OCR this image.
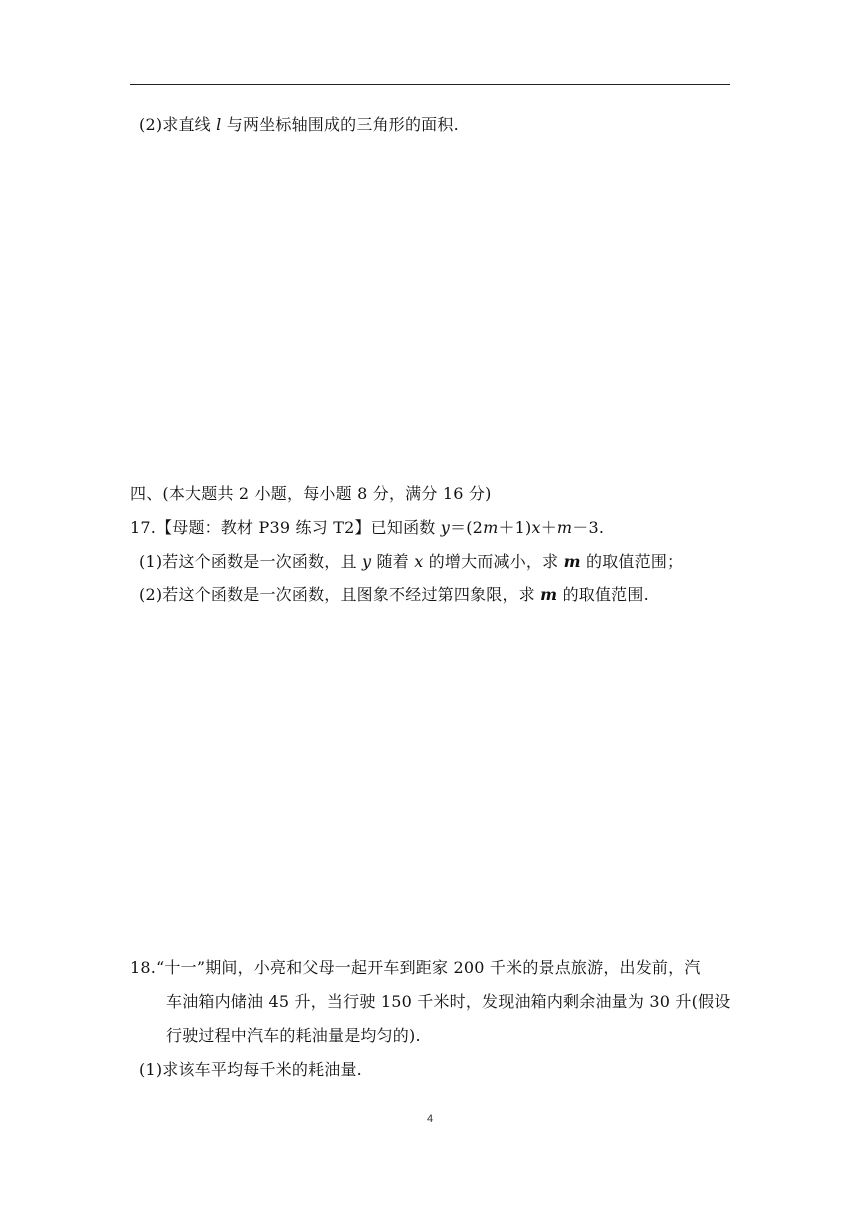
(2)求直线 l 与两坐标轴围成的三角形的面积.
四、(本大题共 2 小题，每小题 8 分，满分 16 分)
17.【母题：教材 P39 练习 T2】已知函数 y＝(2m＋1)x＋m－3.
(1)若这个函数是一次函数，且 y 随着 x 的增大而减小，求 m 的取值范围；
(2)若这个函数是一次函数，且图象不经过第四象限，求 m 的取值范围.
18.“十一”期间，小亮和父母一起开车到距家 200 千米的景点旅游，出发前，汽
车油箱内储油 45 升，当行驶 150 千米时，发现油箱内剩余油量为 30 升(假设
行驶过程中汽车的耗油量是均匀的).
(1)求该车平均每千米的耗油量.
4
